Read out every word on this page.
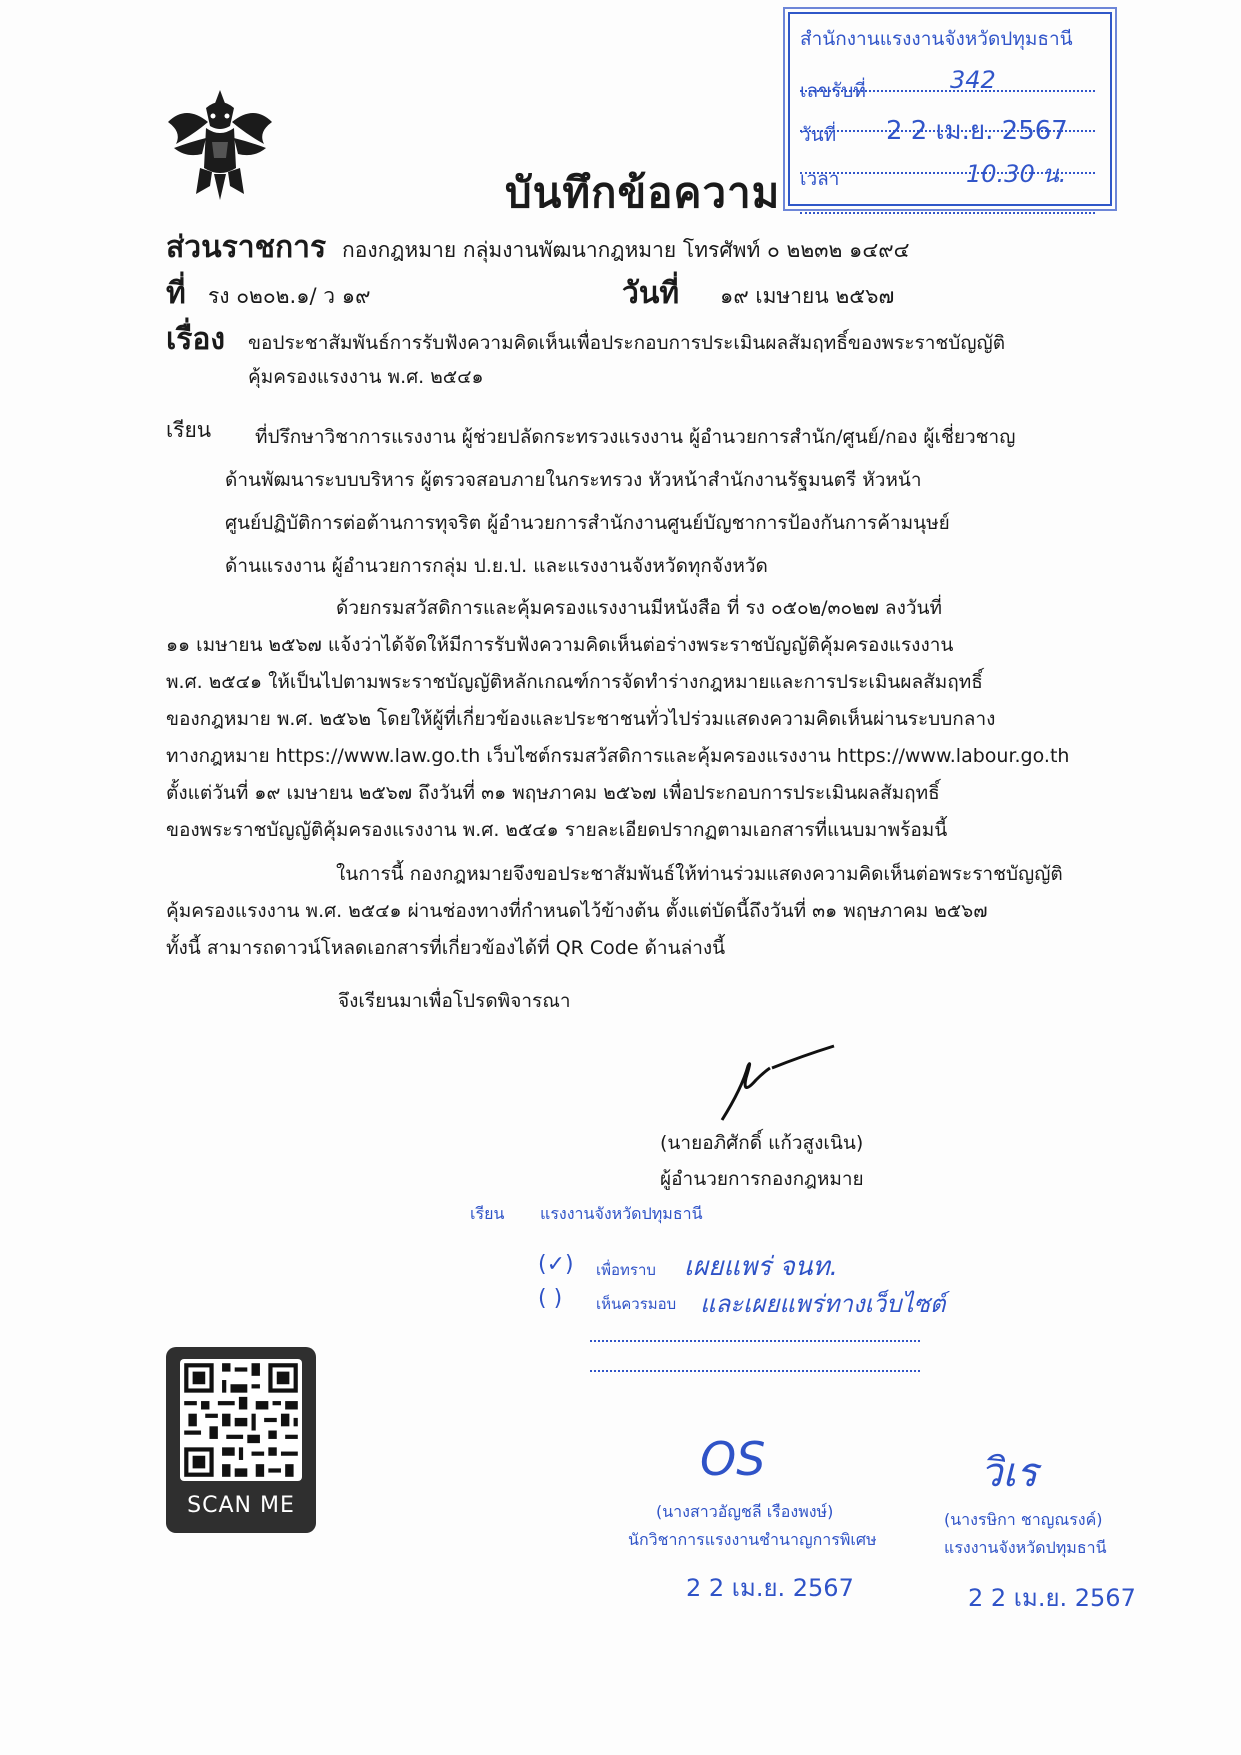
บันทึกข้อความ
สำนักงานแรงงานจังหวัดปทุมธานี
เลขรับที่	342
วันที่ 2 2 เม.ย. 2567
เวลา	10.30 น.
ส่วนราชการ กองกฎหมาย กลุ่มงานพัฒนากฎหมาย โทรศัพท์ ๐ ๒๒๓๒ ๑๔๙๔
ที่ รง ๐๒๐๒.๑/ ว ๑๙	วันที่ ๑๙ เมษายน ๒๕๖๗
เรื่อง ขอประชาสัมพันธ์การรับฟังความคิดเห็นเพื่อประกอบการประเมินผลสัมฤทธิ์ของพระราชบัญญัติ
คุ้มครองแรงงาน พ.ศ. ๒๕๔๑
เรียน ที่ปรึกษาวิชาการแรงงาน ผู้ช่วยปลัดกระทรวงแรงงาน ผู้อำนวยการสำนัก/ศูนย์/กอง ผู้เชี่ยวชาญ
ด้านพัฒนาระบบบริหาร ผู้ตรวจสอบภายในกระทรวง หัวหน้าสำนักงานรัฐมนตรี หัวหน้า
ศูนย์ปฏิบัติการต่อต้านการทุจริต ผู้อำนวยการสำนักงานศูนย์บัญชาการป้องกันการค้ามนุษย์
ด้านแรงงาน ผู้อำนวยการกลุ่ม ป.ย.ป. และแรงงานจังหวัดทุกจังหวัด
ด้วยกรมสวัสดิการและคุ้มครองแรงงานมีหนังสือ ที่ รง ๐๕๐๒/๓๐๒๗ ลงวันที่
๑๑ เมษายน ๒๕๖๗ แจ้งว่าได้จัดให้มีการรับฟังความคิดเห็นต่อร่างพระราชบัญญัติคุ้มครองแรงงาน
พ.ศ. ๒๕๔๑ ให้เป็นไปตามพระราชบัญญัติหลักเกณฑ์การจัดทำร่างกฎหมายและการประเมินผลสัมฤทธิ์
ของกฎหมาย พ.ศ. ๒๕๖๒ โดยให้ผู้ที่เกี่ยวข้องและประชาชนทั่วไปร่วมแสดงความคิดเห็นผ่านระบบกลาง
ทางกฎหมาย https://www.law.go.th เว็บไซต์กรมสวัสดิการและคุ้มครองแรงงาน https://www.labour.go.th
ตั้งแต่วันที่ ๑๙ เมษายน ๒๕๖๗ ถึงวันที่ ๓๑ พฤษภาคม ๒๕๖๗ เพื่อประกอบการประเมินผลสัมฤทธิ์
ของพระราชบัญญัติคุ้มครองแรงงาน พ.ศ. ๒๕๔๑ รายละเอียดปรากฏตามเอกสารที่แนบมาพร้อมนี้
ในการนี้ กองกฎหมายจึงขอประชาสัมพันธ์ให้ท่านร่วมแสดงความคิดเห็นต่อพระราชบัญญัติ
คุ้มครองแรงงาน พ.ศ. ๒๕๔๑ ผ่านช่องทางที่กำหนดไว้ข้างต้น ตั้งแต่บัดนี้ถึงวันที่ ๓๑ พฤษภาคม ๒๕๖๗
ทั้งนี้ สามารถดาวน์โหลดเอกสารที่เกี่ยวข้องได้ที่ QR Code ด้านล่างนี้
จึงเรียนมาเพื่อโปรดพิจารณา
(นายอภิศักดิ์ แก้วสูงเนิน)
ผู้อำนวยการกองกฎหมาย
เรียน แรงงานจังหวัดปทุมธานี
(✓) เพื่อทราบ เผยแพร่ จนท.
( ) เห็นควรมอบ และเผยแพร่ทางเว็บไซต์
SCAN ME
OS
(นางสาวอัญชลี เรืองพงษ์)
นักวิชาการแรงงานชำนาญการพิเศษ
2 2 เม.ย. 2567
วิเร
(นางรษิกา ชาญณรงค์)
แรงงานจังหวัดปทุมธานี
2 2 เม.ย. 2567
